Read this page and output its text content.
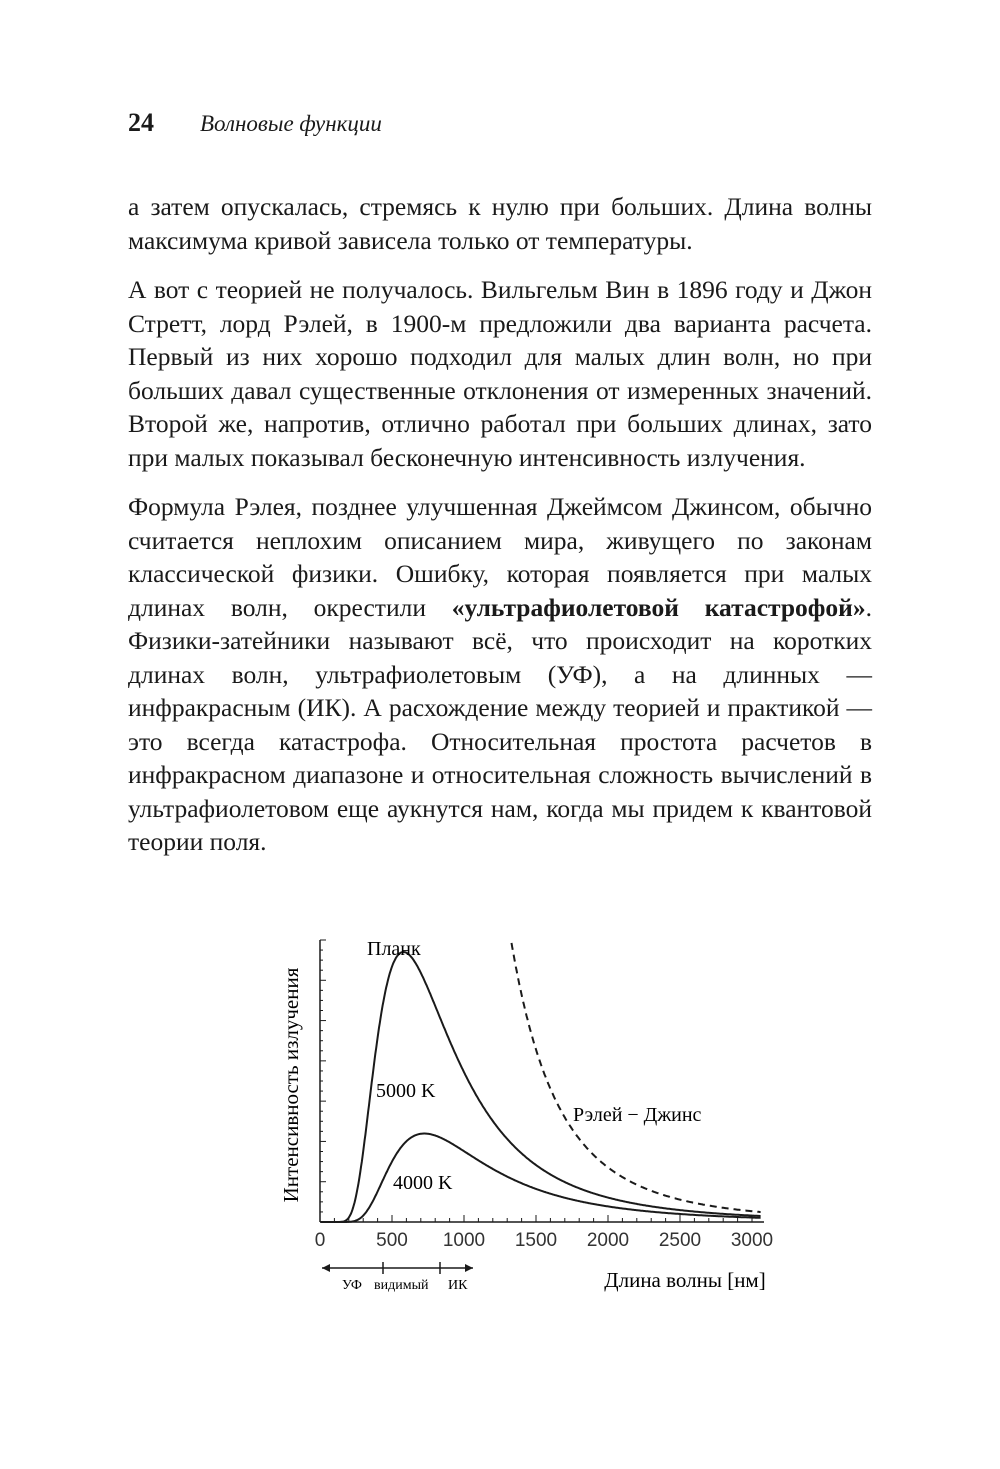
24	Волновые функции

а затем опускалась, стремясь к нулю при больших. Длина волны максимума кривой зависела только от температуры.

А вот с теорией не получалось. Вильгельм Вин в 1896 году и Джон Стретт, лорд Рэлей, в 1900-м предложили два варианта расчета. Первый из них хорошо подходил для малых длин волн, но при больших давал существенные отклонения от измеренных значений. Второй же, напротив, отлично работал при больших длинах, зато при малых показывал бесконечную интенсивность излучения.

Формула Рэлея, позднее улучшенная Джеймсом Джинсом, обычно считается неплохим описанием мира, живущего по законам классической физики. Ошибку, которая появляется при малых длинах волн, окрестили «ультрафиолетовой катастрофой». Физики-затейники называют всё, что происходит на коротких длинах волн, ультрафиолетовым (УФ), а на длинных — инфракрасным (ИК). А расхождение между теорией и практикой — это всегда катастрофа. Относительная простота расчетов в инфракрасном диапазоне и относительная сложность вычислений в ультрафиолетовом еще аукнутся нам, когда мы придем к квантовой теории поля.

0	500 1000 1500 2000 2500 3000
Интенсивность излучения
Длина волны [нм]
Планк
5000 K
4000 K
Рэлей − Джинс
УФ видимый ИК
